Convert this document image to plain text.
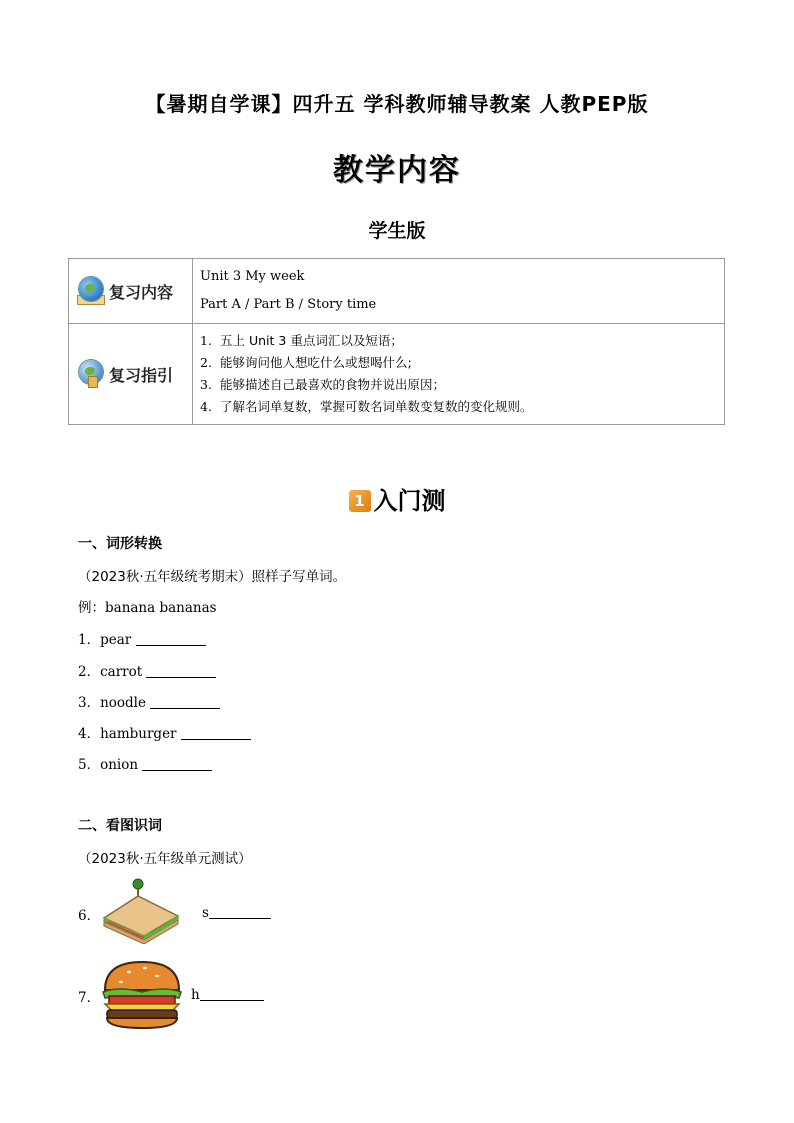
【暑期自学课】四升五 学科教师辅导教案 人教PEP版
教学内容
学生版
复习内容	Unit 3 My week
Part A / Part B / Story time

复习指引	1. 五上 Unit 3 重点词汇以及短语；
2. 能够询问他人想吃什么或想喝什么;
3. 能够描述自己最喜欢的食物并说出原因；
4. 了解名词单复数，掌握可数名词单数变复数的变化规则。
1 入门测
一、词形转换
（2023秋·五年级统考期末）照样子写单词。
例：banana bananas
1．pear
2．carrot
3．noodle
4．hamburger
5．onion
二、看图识词
（2023秋·五年级单元测试）
6．	s
7．	h
